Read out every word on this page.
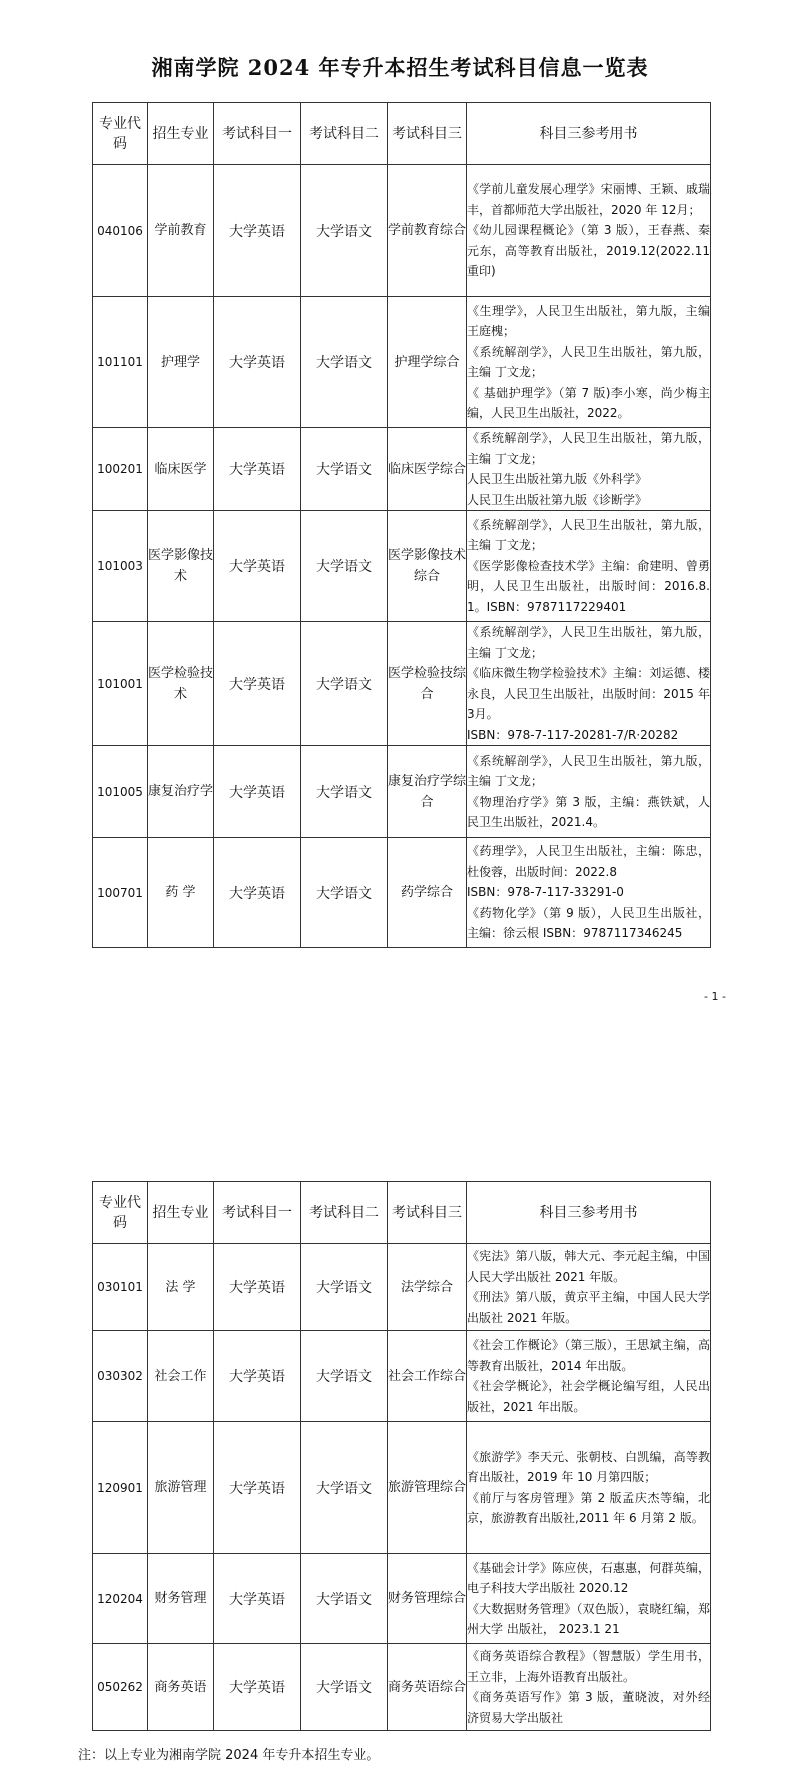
湘南学院 2024 年专升本招生考试科目信息一览表
专业代码	招生专业	考试科目一	考试科目二	考试科目三	科目三参考用书
040106	学前教育	大学英语	大学语文	学前教育综合	《学前儿童发展心理学》宋丽博、王颖、戚瑞丰，首都师范大学出版社，2020 年 12月；
《幼儿园课程概论》（第 3 版），王春燕、秦元东，高等教育出版社，2019.12(2022.11 重印)

101101	护理学	大学英语	大学语文	护理学综合	《生理学》，人民卫生出版社，第九版，主编 王庭槐；
《系统解剖学》，人民卫生出版社，第九版，主编 丁文龙；
《 基础护理学》（第 7 版)李小寒，尚少梅主编，人民卫生出版社，2022。

100201	临床医学	大学英语	大学语文	临床医学综合	《系统解剖学》，人民卫生出版社，第九版，主编 丁文龙；
人民卫生出版社第九版《外科学》
人民卫生出版社第九版《诊断学》

101003	医学影像技术	大学英语	大学语文	医学影像技术综合	《系统解剖学》，人民卫生出版社，第九版，主编 丁文龙；
《医学影像检查技术学》主编：俞建明、曾勇明，人民卫生出版社，出版时间：2016.8.1。ISBN：9787117229401

101001	医学检验技术	大学英语	大学语文	医学检验技综合	《系统解剖学》，人民卫生出版社，第九版，主编 丁文龙；
《临床微生物学检验技术》主编：刘运德、楼永良，人民卫生出版社，出版时间：2015 年 3月。
ISBN：978-7-117-20281-7/R·20282

101005	康复治疗学	大学英语	大学语文	康复治疗学综合	《系统解剖学》，人民卫生出版社，第九版，主编 丁文龙；
《物理治疗学》第 3 版，主编：燕铁斌，人民卫生出版社，2021.4。

100701	药 学	大学英语	大学语文	药学综合	《药理学》，人民卫生出版社，主编：陈忠，杜俊蓉，出版时间：2022.8
ISBN：978-7-117-33291-0
《药物化学》（第 9 版），人民卫生出版社，主编：徐云根 ISBN：9787117346245
- 1 -
专业代码	招生专业	考试科目一	考试科目二	考试科目三	科目三参考用书
030101	法 学	大学英语	大学语文	法学综合	《宪法》第八版，韩大元、李元起主编，中国人民大学出版社 2021 年版。
《刑法》第八版，黄京平主编，中国人民大学出版社 2021 年版。

030302	社会工作	大学英语	大学语文	社会工作综合	《社会工作概论》（第三版），王思斌主编，高等教育出版社，2014 年出版。
《社会学概论》，社会学概论编写组，人民出版社，2021 年出版。

120901	旅游管理	大学英语	大学语文	旅游管理综合	《旅游学》李天元、张朝枝、白凯编，高等教育出版社，2019 年 10 月第四版；
《前厅与客房管理》第 2 版孟庆杰等编，北京，旅游教育出版社,2011 年 6 月第 2 版。

120204	财务管理	大学英语	大学语文	财务管理综合	《基础会计学》陈应侠，石惠惠，何群英编，电子科技大学出版社 2020.12
《大数据财务管理》（双色版），袁晓红编，郑州大学 出版社， 2023.1 21

050262	商务英语	大学英语	大学语文	商务英语综合	《商务英语综合教程》（智慧版）学生用书，王立非，上海外语教育出版社。
《商务英语写作》第 3 版，董晓波，对外经济贸易大学出版社
注：以上专业为湘南学院 2024 年专升本招生专业。
